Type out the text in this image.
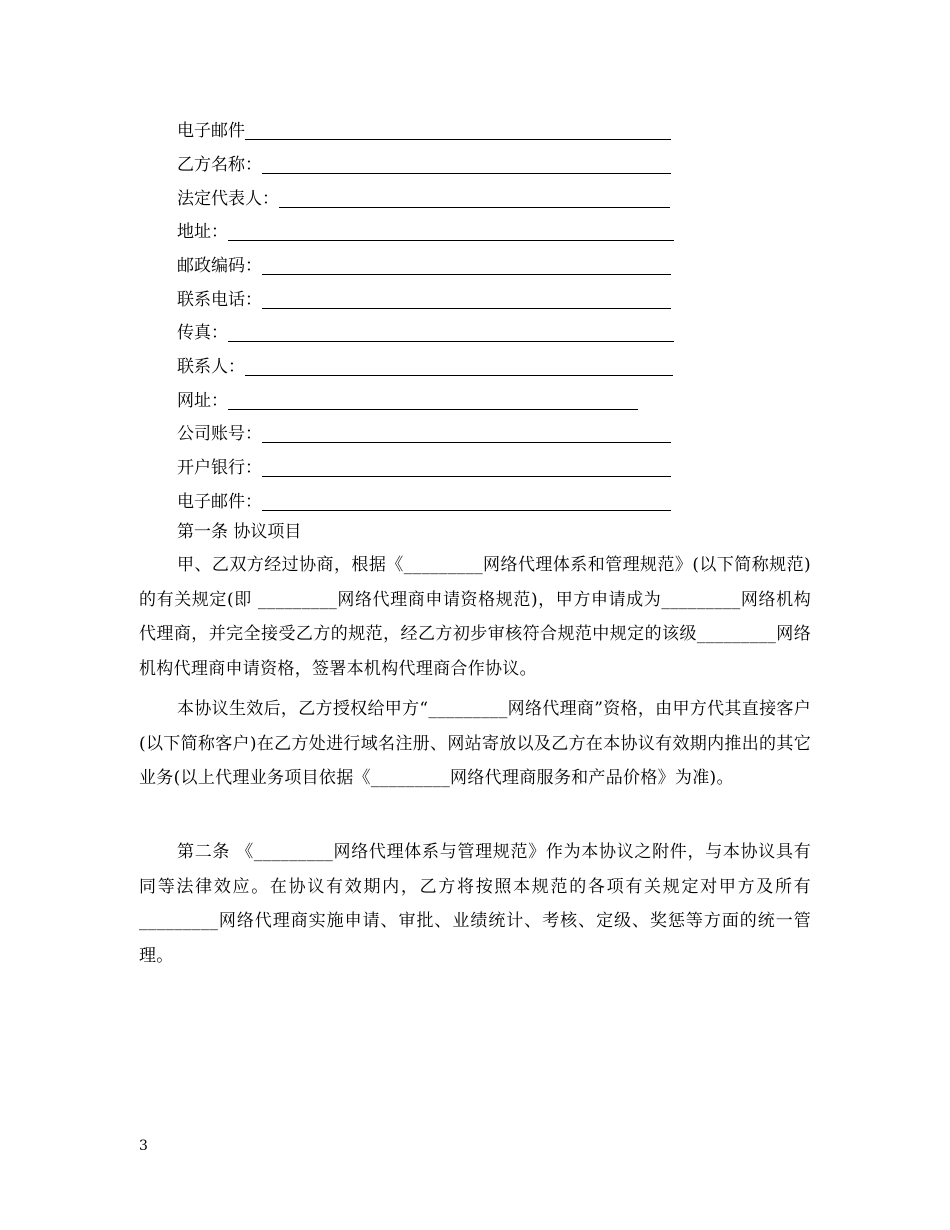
电子邮件
乙方名称：
法定代表人：
地址：
邮政编码：
联系电话：
传真：
联系人：
网址：
公司账号：
开户银行：
电子邮件：
第一条 协议项目

甲、乙双方经过协商，根据《_________网络代理体系和管理规范》(以下简称规范)的有关规定(即 _________网络代理商申请资格规范)，甲方申请成为_________网络机构代理商，并完全接受乙方的规范，经乙方初步审核符合规范中规定的该级_________网络机构代理商申请资格，签署本机构代理商合作协议。

本协议生效后，乙方授权给甲方“_________网络代理商”资格，由甲方代其直接客户(以下简称客户)在乙方处进行域名注册、网站寄放以及乙方在本协议有效期内推出的其它业务(以上代理业务项目依据《_________网络代理商服务和产品价格》为准)。

第二条 《_________网络代理体系与管理规范》作为本协议之附件，与本协议具有同等法律效应。在协议有效期内，乙方将按照本规范的各项有关规定对甲方及所有_________网络代理商实施申请、审批、业绩统计、考核、定级、奖惩等方面的统一管理。

3
